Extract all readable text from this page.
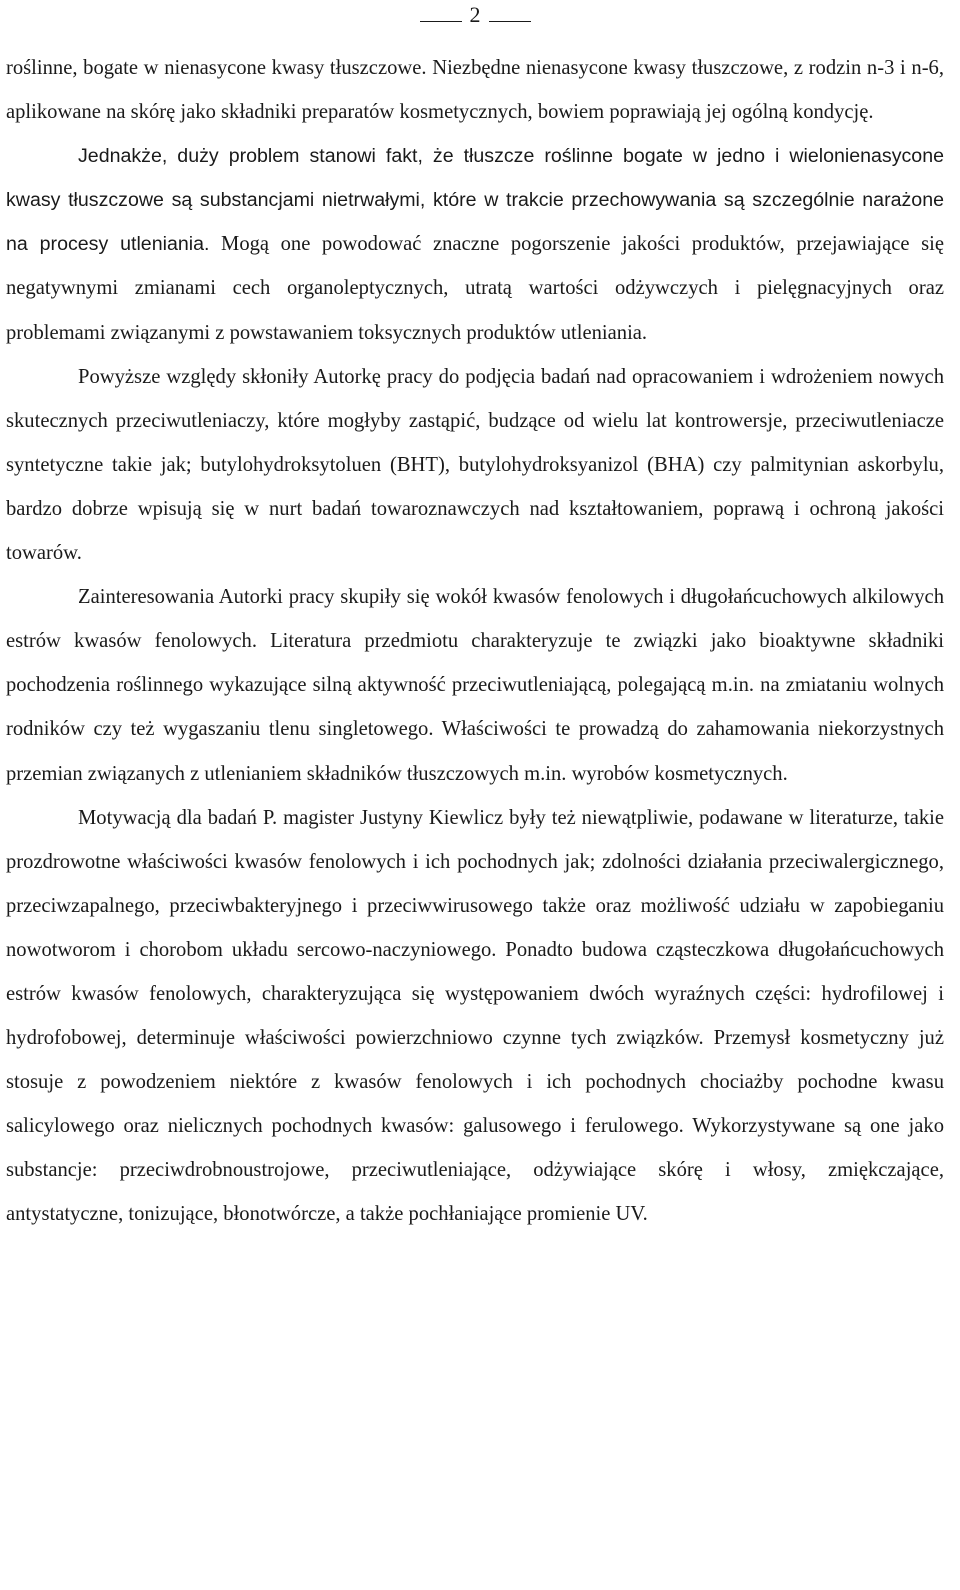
2

roślinne, bogate w nienasycone kwasy tłuszczowe. Niezbędne nienasycone kwasy tłuszczowe, z rodzin n-3 i n-6, aplikowane na skórę jako składniki preparatów kosmetycznych, bowiem poprawiają jej ogólną kondycję.

Jednakże, duży problem stanowi fakt, że tłuszcze roślinne bogate w jedno i wielonienasycone kwasy tłuszczowe są substancjami nietrwałymi, które w trakcie przechowywania są szczególnie narażone na procesy utleniania. Mogą one powodować znaczne pogorszenie jakości produktów, przejawiające się negatywnymi zmianami cech organoleptycznych, utratą wartości odżywczych i pielęgnacyjnych oraz problemami związanymi z powstawaniem toksycznych produktów utleniania.

Powyższe względy skłoniły Autorkę pracy do podjęcia badań nad opracowaniem i wdrożeniem nowych skutecznych przeciwutleniaczy, które mogłyby zastąpić, budzące od wielu lat kontrowersje, przeciwutleniacze syntetyczne takie jak; butylohydroksytoluen (BHT), butylohydroksyanizol (BHA) czy palmitynian askorbylu, bardzo dobrze wpisują się w nurt badań towaroznawczych nad kształtowaniem, poprawą i ochroną jakości towarów.

Zainteresowania Autorki pracy skupiły się wokół kwasów fenolowych i długołańcuchowych alkilowych estrów kwasów fenolowych. Literatura przedmiotu charakteryzuje te związki jako bioaktywne składniki pochodzenia roślinnego wykazujące silną aktywność przeciwutleniającą, polegającą m.in. na zmiataniu wolnych rodników czy też wygaszaniu tlenu singletowego. Właściwości te prowadzą do zahamowania niekorzystnych przemian związanych z utlenianiem składników tłuszczowych m.in. wyrobów kosmetycznych.

Motywacją dla badań P. magister Justyny Kiewlicz były też niewątpliwie, podawane w literaturze, takie prozdrowotne właściwości kwasów fenolowych i ich pochodnych jak; zdolności działania przeciwalergicznego, przeciwzapalnego, przeciwbakteryjnego i przeciwwirusowego także oraz możliwość udziału w zapobieganiu nowotworom i chorobom układu sercowo-naczyniowego. Ponadto budowa cząsteczkowa długołańcuchowych estrów kwasów fenolowych, charakteryzująca się występowaniem dwóch wyraźnych części: hydrofilowej i hydrofobowej, determinuje właściwości powierzchniowo czynne tych związków. Przemysł kosmetyczny już stosuje z powodzeniem niektóre z kwasów fenolowych i ich pochodnych chociażby pochodne kwasu salicylowego oraz nielicznych pochodnych kwasów: galusowego i ferulowego. Wykorzystywane są one jako substancje: przeciwdrobnoustrojowe, przeciwutleniające, odżywiające skórę i włosy, zmiękczające, antystatyczne, tonizujące, błonotwórcze, a także pochłaniające promienie UV.
